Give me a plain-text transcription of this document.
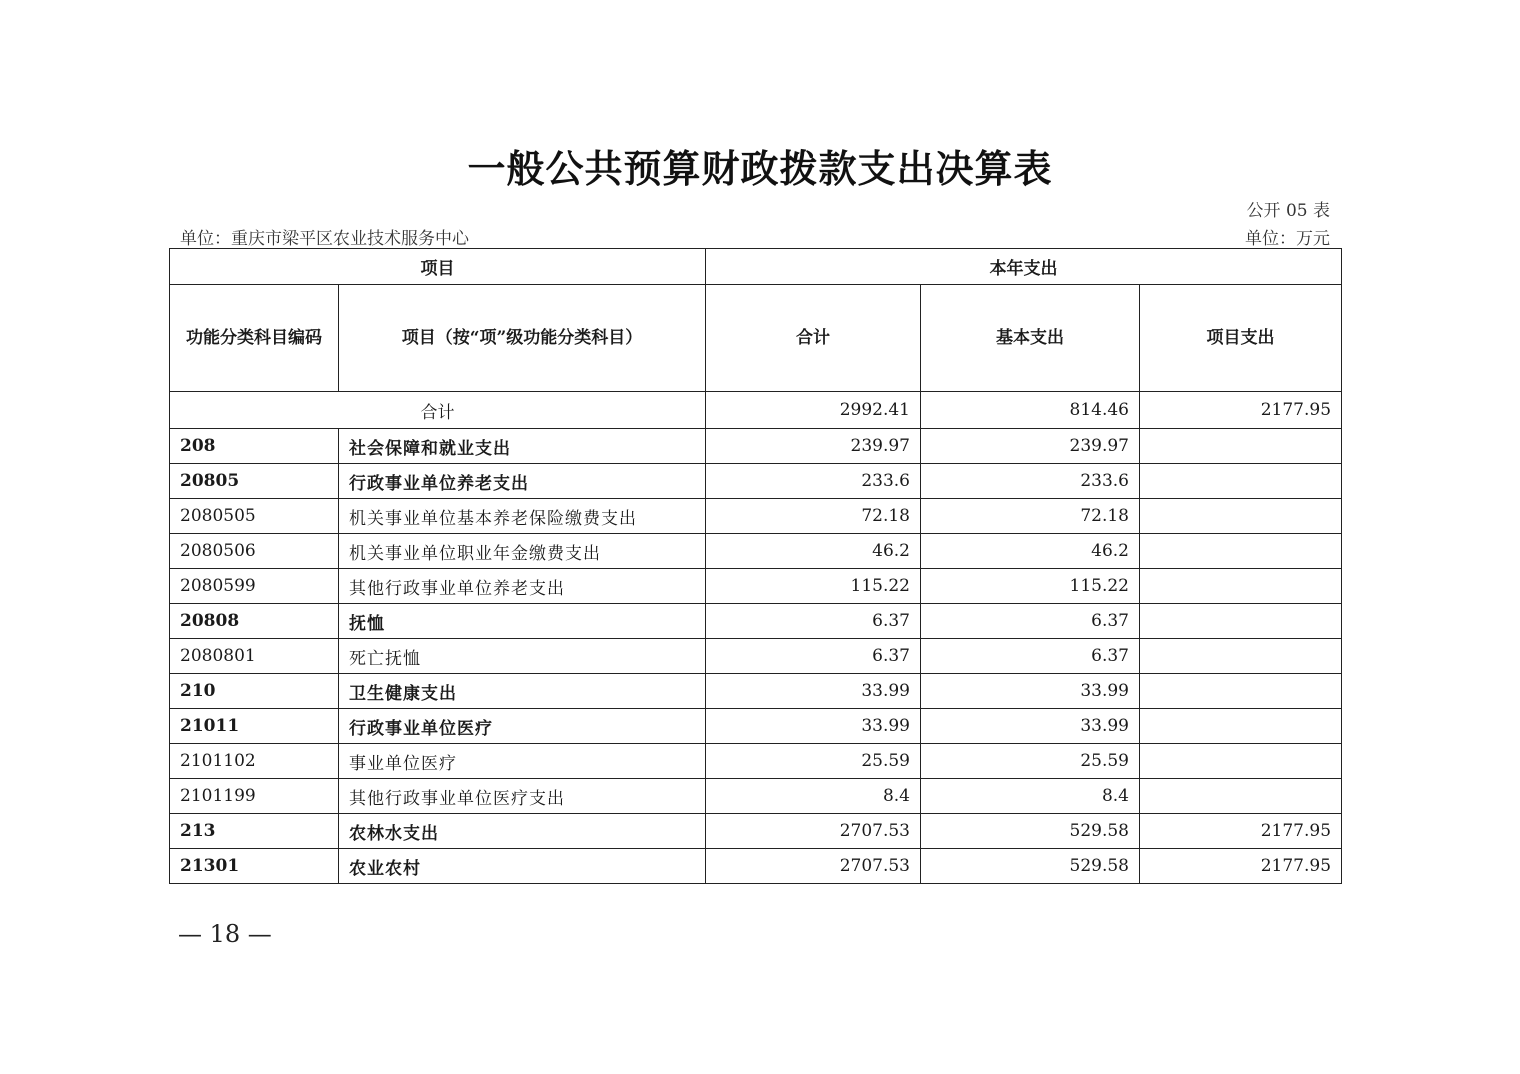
一般公共预算财政拨款支出决算表
公开 05 表
单位：重庆市梁平区农业技术服务中心	单位：万元
项目		本年支出		
功能分类科目编码	项目（按“项”级功能分类科目）	合计	基本支出	项目支出
合计		2992.41	814.46	2177.95
208	社会保障和就业支出	239.97	239.97	
20805	行政事业单位养老支出	233.6	233.6	
2080505	机关事业单位基本养老保险缴费支出	72.18	72.18	
2080506	机关事业单位职业年金缴费支出	46.2	46.2	
2080599	其他行政事业单位养老支出	115.22	115.22	
20808	抚恤	6.37	6.37	
2080801	死亡抚恤	6.37	6.37	
210	卫生健康支出	33.99	33.99	
21011	行政事业单位医疗	33.99	33.99	
2101102	事业单位医疗	25.59	25.59	
2101199	其他行政事业单位医疗支出	8.4	8.4	
213	农林水支出	2707.53	529.58	2177.95
21301	农业农村	2707.53	529.58	2177.95
— 18 —
